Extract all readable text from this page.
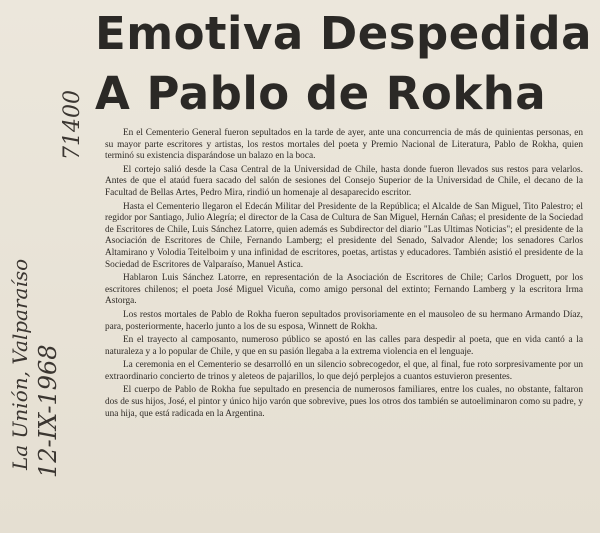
La Unión, Valparaíso 12-IX-1968
71400
Emotiva Despedida
A Pablo de Rokha

En el Cementerio General fueron sepultados en la tarde de ayer, ante una concurrencia de más de quinientas personas, en su mayor parte escritores y artistas, los restos mortales del poeta y Premio Nacional de Literatura, Pablo de Rokha, quien terminó su existencia disparándose un balazo en la boca.

El cortejo salió desde la Casa Central de la Universidad de Chile, hasta donde fueron llevados sus restos para velarlos. Antes de que el ataúd fuera sacado del salón de sesiones del Consejo Superior de la Universidad de Chile, el decano de la Facultad de Bellas Artes, Pedro Mira, rindió un homenaje al desaparecido escritor.

Hasta el Cementerio llegaron el Edecán Militar del Presidente de la República; el Alcalde de San Miguel, Tito Palestro; el regidor por Santiago, Julio Alegría; el director de la Casa de Cultura de San Miguel, Hernán Cañas; el presidente de la Sociedad de Escritores de Chile, Luis Sánchez Latorre, quien además es Subdirector del diario "Las Ultimas Noticias"; el presidente de la Asociación de Escritores de Chile, Fernando Lamberg; el presidente del Senado, Salvador Alende; los senadores Carlos Altamirano y Volodia Teitelboim y una infinidad de escritores, poetas, artistas y educadores. También asistió el presidente de la Sociedad de Escritores de Valparaíso, Manuel Astica.

Hablaron Luis Sánchez Latorre, en representación de la Asociación de Escritores de Chile; Carlos Droguett, por los escritores chilenos; el poeta José Miguel Vicuña, como amigo personal del extinto; Fernando Lamberg y la escritora Irma Astorga.

Los restos mortales de Pablo de Rokha fueron sepultados provisoriamente en el mausoleo de su hermano Armando Díaz, para, posteriormente, hacerlo junto a los de su esposa, Winnett de Rokha.

En el trayecto al camposanto, numeroso público se apostó en las calles para despedir al poeta, que en vida cantó a la naturaleza y a lo popular de Chile, y que en su pasión llegaba a la extrema violencia en el lenguaje.

La ceremonia en el Cementerio se desarrolló en un silencio sobrecogedor, el que, al final, fue roto sorpresivamente por un extraordinario concierto de trinos y aleteos de pajarillos, lo que dejó perplejos a cuantos estuvieron presentes.

El cuerpo de Pablo de Rokha fue sepultado en presencia de numerosos familiares, entre los cuales, no obstante, faltaron dos de sus hijos, José, el pintor y único hijo varón que sobrevive, pues los otros dos también se autoeliminaron como su padre, y una hija, que está radicada en la Argentina.
